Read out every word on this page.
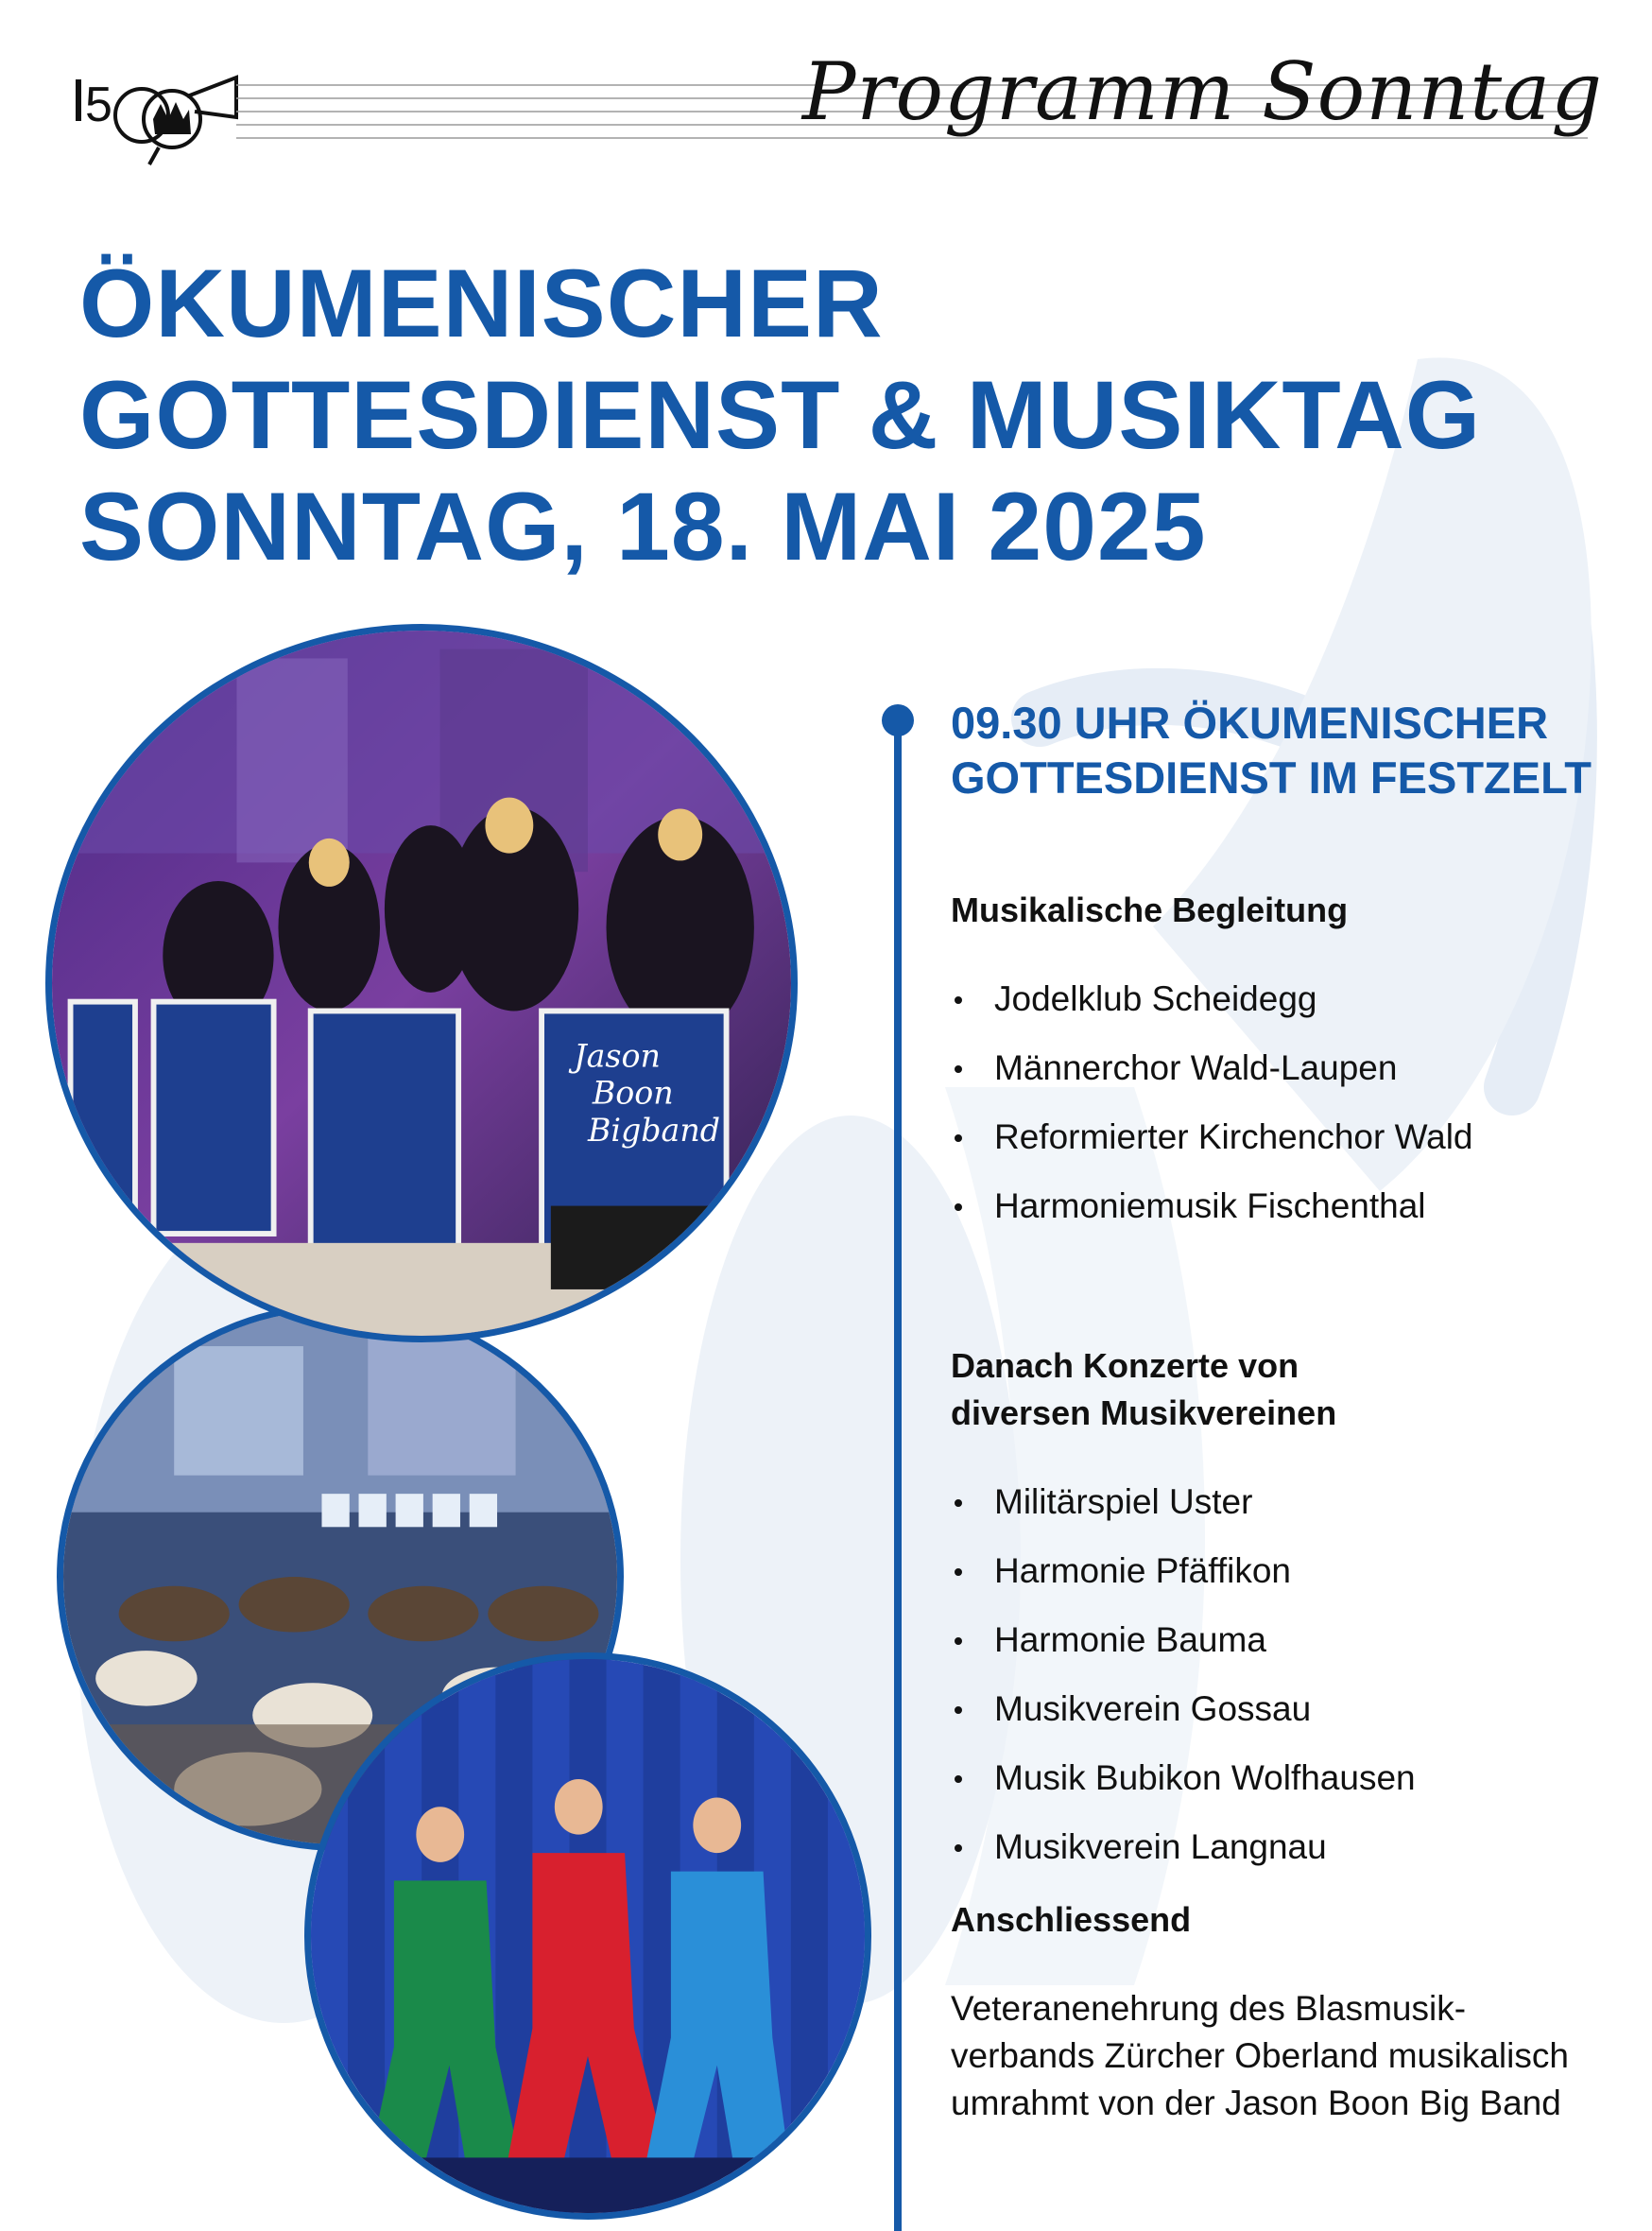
5	Programm Sonntag
ÖKUMENISCHER
GOTTESDIENST & MUSIKTAG
SONNTAG, 18. MAI 2025
Jason
Boon
Bigband
09.30 UHR ÖKUMENISCHER
GOTTESDIENST IM FESTZELT
Musikalische Begleitung
Jodelklub Scheidegg
Männerchor Wald-Laupen
Reformierter Kirchenchor Wald
Harmoniemusik Fischenthal
Danach Konzerte von
diversen Musikvereinen
Militärspiel Uster
Harmonie Pfäffikon
Harmonie Bauma
Musikverein Gossau
Musik Bubikon Wolfhausen
Musikverein Langnau
Anschliessend
Veteranenehrung des Blasmusik-
verbands Zürcher Oberland musikalisch
umrahmt von der Jason Boon Big Band
